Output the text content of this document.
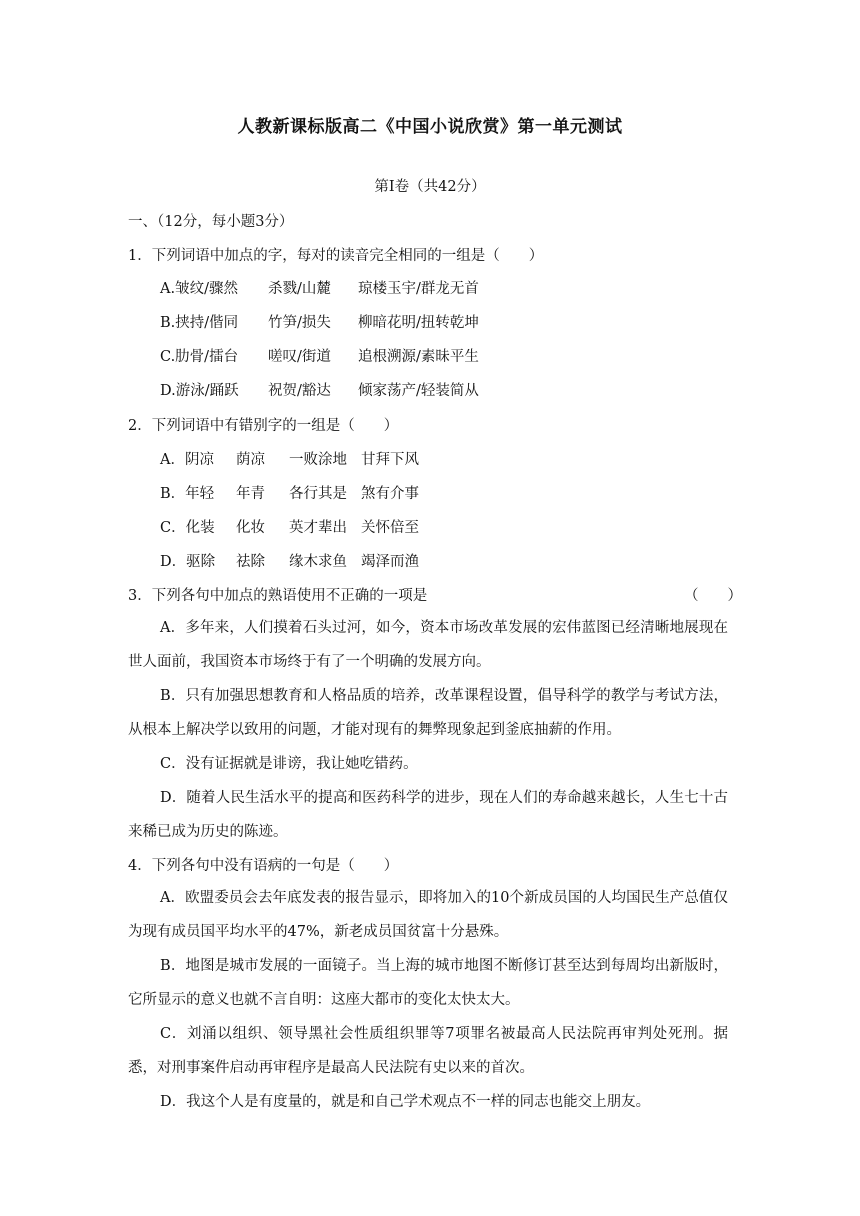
人教新课标版高二《中国小说欣赏》第一单元测试
第Ⅰ卷（共42分）
一、（12分，每小题3分）
1．下列词语中加点的字，每对的读音完全相同的一组是（　　）
A.皱纹/骤然 杀戮/山麓 琼楼玉宇/群龙无首
B.挟持/偕同 竹笋/损失 柳暗花明/扭转乾坤
C.肋骨/擂台 嗟叹/街道 追根溯源/素昧平生
D.游泳/踊跃 祝贺/豁达 倾家荡产/轻装简从
2．下列词语中有错别字的一组是（　　）
A．阴凉 荫凉 一败涂地 甘拜下风
B．年轻 年青 各行其是 煞有介事
C．化装 化妆 英才辈出 关怀倍至
D．驱除 祛除 缘木求鱼 竭泽而渔
3．下列各句中加点的熟语使用不正确的一项是	（　　）
A．多年来，人们摸着石头过河，如今，资本市场改革发展的宏伟蓝图已经清晰地展现在世人面前，我国资本市场终于有了一个明确的发展方向。
B．只有加强思想教育和人格品质的培养，改革课程设置，倡导科学的教学与考试方法，从根本上解决学以致用的问题，才能对现有的舞弊现象起到釜底抽薪的作用。
C．没有证据就是诽谤，我让她吃错药。
D．随着人民生活水平的提高和医药科学的进步，现在人们的寿命越来越长，人生七十古来稀已成为历史的陈迹。
4．下列各句中没有语病的一句是（　　）
A．欧盟委员会去年底发表的报告显示，即将加入的10个新成员国的人均国民生产总值仅为现有成员国平均水平的47%，新老成员国贫富十分悬殊。
B．地图是城市发展的一面镜子。当上海的城市地图不断修订甚至达到每周均出新版时，它所显示的意义也就不言自明：这座大都市的变化太快太大。
C．刘涌以组织、领导黑社会性质组织罪等7项罪名被最高人民法院再审判处死刑。据悉，对刑事案件启动再审程序是最高人民法院有史以来的首次。
D．我这个人是有度量的，就是和自己学术观点不一样的同志也能交上朋友。
